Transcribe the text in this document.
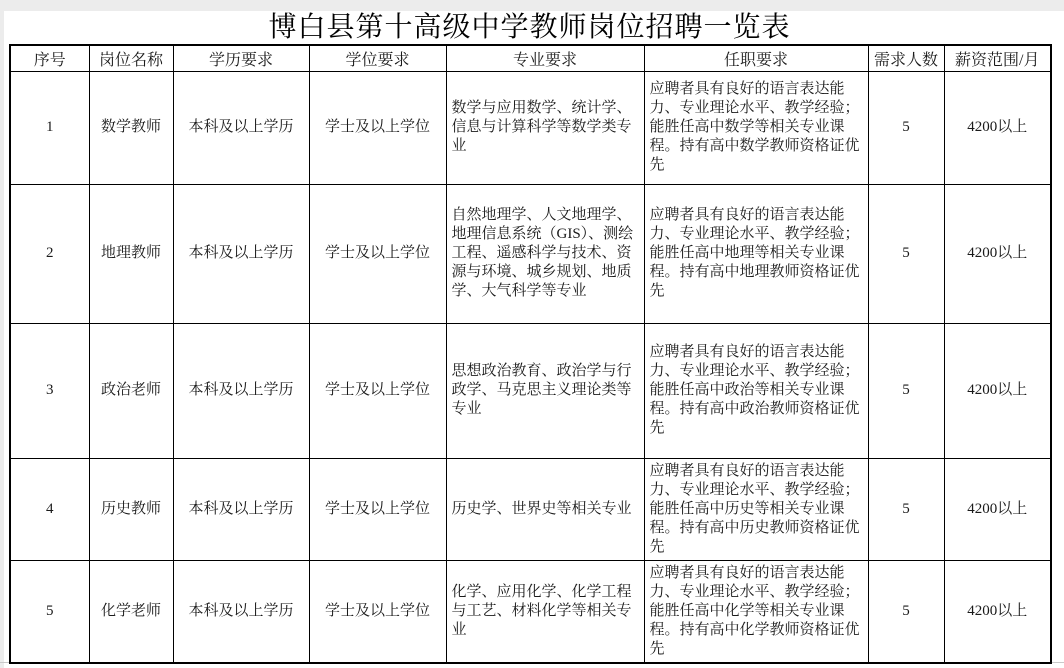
博白县第十高级中学教师岗位招聘一览表
序号	岗位名称	学历要求	学位要求	专业要求	任职要求	需求人数	薪资范围/月
1	数学教师	本科及以上学历	学士及以上学位	数学与应用数学、统计学、信息与计算科学等数学类专业	应聘者具有良好的语言表达能力、专业理论水平、教学经验；能胜任高中数学等相关专业课程。持有高中数学教师资格证优先	5	4200以上
2	地理教师	本科及以上学历	学士及以上学位	自然地理学、人文地理学、地理信息系统（GIS）、测绘工程、遥感科学与技术、资源与环境、城乡规划、地质学、大气科学等专业	应聘者具有良好的语言表达能力、专业理论水平、教学经验；能胜任高中地理等相关专业课程。持有高中地理教师资格证优先	5	4200以上
3	政治老师	本科及以上学历	学士及以上学位	思想政治教育、政治学与行政学、马克思主义理论类等专业	应聘者具有良好的语言表达能力、专业理论水平、教学经验；能胜任高中政治等相关专业课程。持有高中政治教师资格证优先	5	4200以上
4	历史教师	本科及以上学历	学士及以上学位	历史学、世界史等相关专业	应聘者具有良好的语言表达能力、专业理论水平、教学经验；能胜任高中历史等相关专业课程。持有高中历史教师资格证优先	5	4200以上
5	化学老师	本科及以上学历	学士及以上学位	化学、应用化学、化学工程与工艺、材料化学等相关专业	应聘者具有良好的语言表达能力、专业理论水平、教学经验；能胜任高中化学等相关专业课程。持有高中化学教师资格证优先	5	4200以上
